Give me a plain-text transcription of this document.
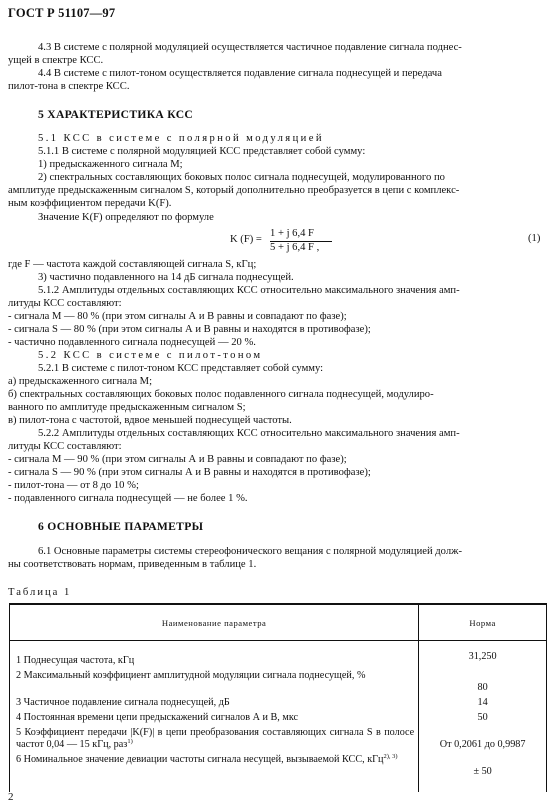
ГОСТ Р 51107—97
4.3 В системе с полярной модуляцией осуществляется частичное подавление сигнала поднес-
ущей в спектре КСС.
4.4 В системе с пилот-тоном осуществляется подавление сигнала поднесущей и передача
пилот-тона в спектре КСС.
5 ХАРАКТЕРИСТИКА КСС
5.1 КСС в системе с полярной модуляцией
5.1.1 В системе с полярной модуляцией КСС представляет собой сумму:
1) предыскаженного сигнала М;
2) спектральных составляющих боковых полос сигнала поднесущей, модулированного по
амплитуде предыскаженным сигналом S, который дополнительно преобразуется в цепи с комплекс-
ным коэффициентом передачи K(F).
Значение K(F) определяют по формуле
K (F) =
1 + j 6,4 F
5 + j 6,4 F ,
(1)
где F — частота каждой составляющей сигнала S, кГц;
3) частично подавленного на 14 дБ сигнала поднесущей.
5.1.2 Амплитуды отдельных составляющих КСС относительно максимального значения амп-
литуды КСС составляют:
- сигнала М — 80 % (при этом сигналы А и В равны и совпадают по фазе);
- сигнала S — 80 % (при этом сигналы А и В равны и находятся в противофазе);
- частично подавленного сигнала поднесущей — 20 %.
5.2 КСС в системе с пилот-тоном
5.2.1 В системе с пилот-тоном КСС представляет собой сумму:
а) предыскаженного сигнала М;
б) спектральных составляющих боковых полос подавленного сигнала поднесущей, модулиро-
ванного по амплитуде предыскаженным сигналом S;
в) пилот-тона с частотой, вдвое меньшей поднесущей частоты.
5.2.2 Амплитуды отдельных составляющих КСС относительно максимального значения амп-
литуды КСС составляют:
- сигнала М — 90 % (при этом сигналы А и В равны и совпадают по фазе);
- сигнала S — 90 % (при этом сигналы А и В равны и находятся в противофазе);
- пилот-тона — от 8 до 10 %;
- подавленного сигнала поднесущей — не более 1 %.
6 ОСНОВНЫЕ ПАРАМЕТРЫ
6.1 Основные параметры системы стереофонического вещания с полярной модуляцией долж-
ны соответствовать нормам, приведенным в таблице 1.
Таблица 1
Наименование параметра	Норма
1 Поднесущая частота, кГц	31,250
2 Максимальный коэффициент амплитудной модуляции сигнала поднесущей, %	80
3 Частичное подавление сигнала поднесущей, дБ	14
4 Постоянная времени цепи предыскажений сигналов А и В, мкс	50
5 Коэффициент передачи |K(F)| в цепи преобразования составляющих сигнала S в полосе частот 0,04 — 15 кГц, раз$^{1)}$	От 0,2061 до 0,9987
6 Номинальное значение девиации частоты сигнала несущей, вызываемой КСС, кГц$^{2), 3)}$	± 50
2
